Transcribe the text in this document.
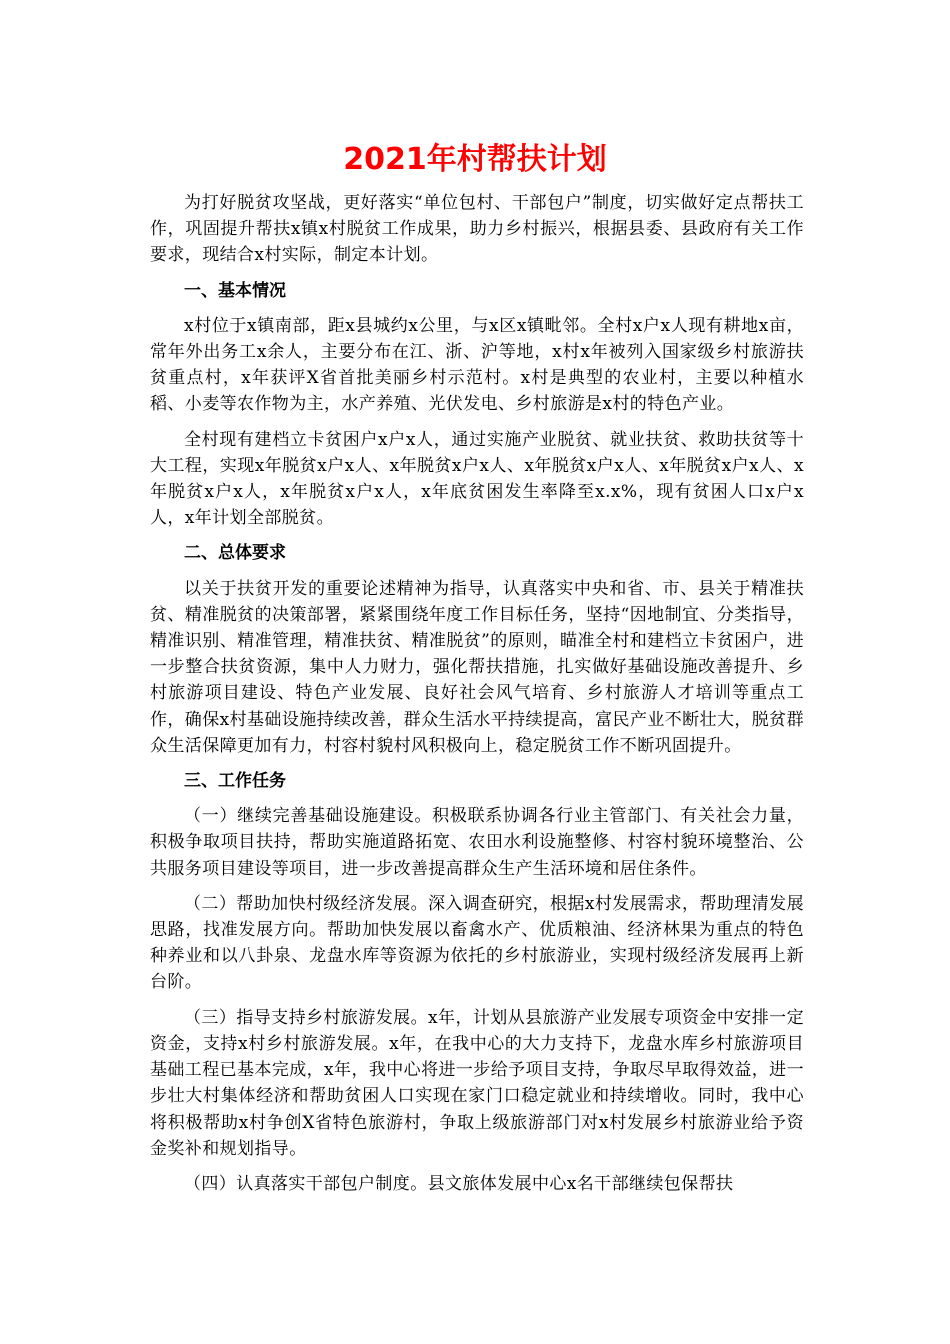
2021年村帮扶计划

为打好脱贫攻坚战，更好落实“单位包村、干部包户”制度，切实做好定点帮扶工作，巩固提升帮扶x镇x村脱贫工作成果，助力乡村振兴，根据县委、县政府有关工作要求，现结合x村实际，制定本计划。

一、基本情况

x村位于x镇南部，距x县城约x公里，与x区x镇毗邻。全村x户x人现有耕地x亩，常年外出务工x余人，主要分布在江、浙、沪等地，x村x年被列入国家级乡村旅游扶贫重点村，x年获评X省首批美丽乡村示范村。x村是典型的农业村，主要以种植水稻、小麦等农作物为主，水产养殖、光伏发电、乡村旅游是x村的特色产业。

全村现有建档立卡贫困户x户x人，通过实施产业脱贫、就业扶贫、救助扶贫等十大工程，实现x年脱贫x户x人、x年脱贫x户x人、x年脱贫x户x人、x年脱贫x户x人、x年脱贫x户x人，x年脱贫x户x人，x年底贫困发生率降至x.x%，现有贫困人口x户x人，x年计划全部脱贫。

二、总体要求

以关于扶贫开发的重要论述精神为指导，认真落实中央和省、市、县关于精准扶贫、精准脱贫的决策部署，紧紧围绕年度工作目标任务，坚持“因地制宜、分类指导，精准识别、精准管理，精准扶贫、精准脱贫”的原则，瞄准全村和建档立卡贫困户，进一步整合扶贫资源，集中人力财力，强化帮扶措施，扎实做好基础设施改善提升、乡村旅游项目建设、特色产业发展、良好社会风气培育、乡村旅游人才培训等重点工作，确保x村基础设施持续改善，群众生活水平持续提高，富民产业不断壮大，脱贫群众生活保障更加有力，村容村貌村风积极向上，稳定脱贫工作不断巩固提升。

三、工作任务

（一）继续完善基础设施建设。积极联系协调各行业主管部门、有关社会力量，积极争取项目扶持，帮助实施道路拓宽、农田水利设施整修、村容村貌环境整治、公共服务项目建设等项目，进一步改善提高群众生产生活环境和居住条件。

（二）帮助加快村级经济发展。深入调查研究，根据x村发展需求，帮助理清发展思路，找准发展方向。帮助加快发展以畜禽水产、优质粮油、经济林果为重点的特色种养业和以八卦泉、龙盘水库等资源为依托的乡村旅游业，实现村级经济发展再上新台阶。

（三）指导支持乡村旅游发展。x年，计划从县旅游产业发展专项资金中安排一定资金，支持x村乡村旅游发展。x年，在我中心的大力支持下，龙盘水库乡村旅游项目基础工程已基本完成，x年，我中心将进一步给予项目支持，争取尽早取得效益，进一步壮大村集体经济和帮助贫困人口实现在家门口稳定就业和持续增收。同时，我中心将积极帮助x村争创X省特色旅游村，争取上级旅游部门对x村发展乡村旅游业给予资金奖补和规划指导。

（四）认真落实干部包户制度。县文旅体发展中心x名干部继续包保帮扶
